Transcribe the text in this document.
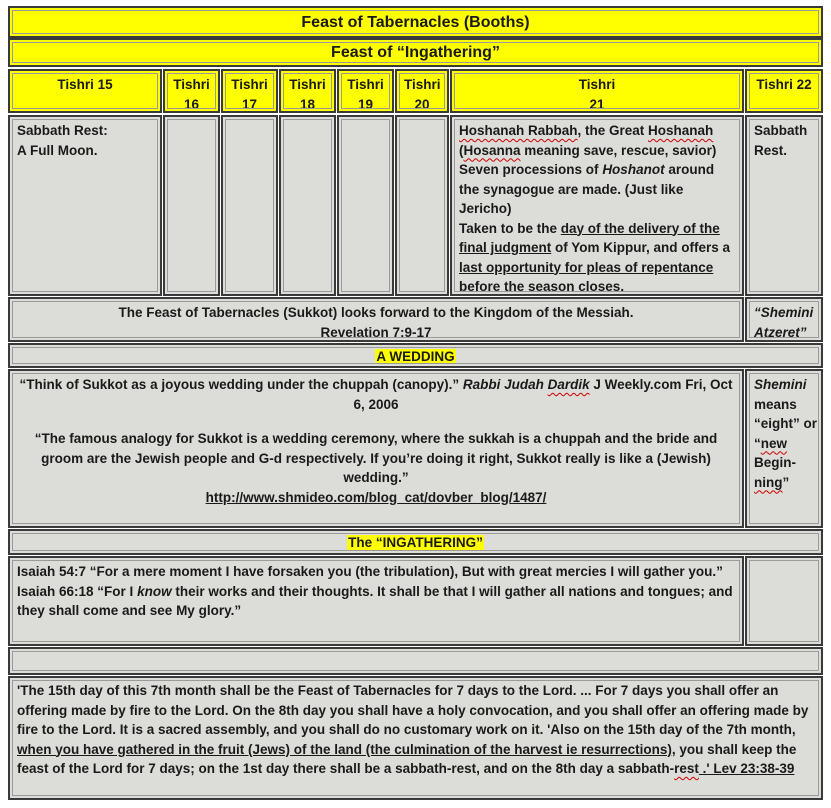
Feast of Tabernacles (Booths)
Feast of “Ingathering”
Tishri 15	Tishri
16
Tishri
17
Tishri
18
Tishri
19
Tishri
20
Tishri
21
Tishri 22
Sabbath Rest:
A Full Moon.
Hoshanah Rabbah, the Great Hoshanah (Hosanna meaning save, rescue, savior)
Seven processions of Hoshanot around the synagogue are made. (Just like Jericho)
Taken to be the day of the delivery of the final judgment of Yom Kippur, and offers a last opportunity for pleas of repentance before the season closes.
Sabbath Rest.
The Feast of Tabernacles (Sukkot) looks forward to the Kingdom of the Messiah.
Revelation 7:9-17
“Shemini Atzeret”
A WEDDING
“Think of Sukkot as a joyous wedding under the chuppah (canopy).” Rabbi Judah Dardik J Weekly.com Fri, Oct 6, 2006
“The famous analogy for Sukkot is a wedding ceremony, where the sukkah is a chuppah and the bride and groom are the Jewish people and G-d respectively. If you’re doing it right, Sukkot really is like a (Jewish) wedding.”
http://www.shmideo.com/blog_cat/dovber_blog/1487/
Shemini means “eight” or “new Begin-ning”
The “INGATHERING”
Isaiah 54:7 “For a mere moment I have forsaken you (the tribulation), But with great mercies I will gather you.”
Isaiah 66:18 “For I know their works and their thoughts. It shall be that I will gather all nations and tongues; and they shall come and see My glory.”
'The 15th day of this 7th month shall be the Feast of Tabernacles for 7 days to the Lord. ... For 7 days you shall offer an offering made by fire to the Lord. On the 8th day you shall have a holy convocation, and you shall offer an offering made by fire to the Lord. It is a sacred assembly, and you shall do no customary work on it. 'Also on the 15th day of the 7th month, when you have gathered in the fruit (Jews) of the land (the culmination of the harvest ie resurrections), you shall keep the feast of the Lord for 7 days; on the 1st day there shall be a sabbath-rest, and on the 8th day a sabbath-rest .' Lev 23:38-39
